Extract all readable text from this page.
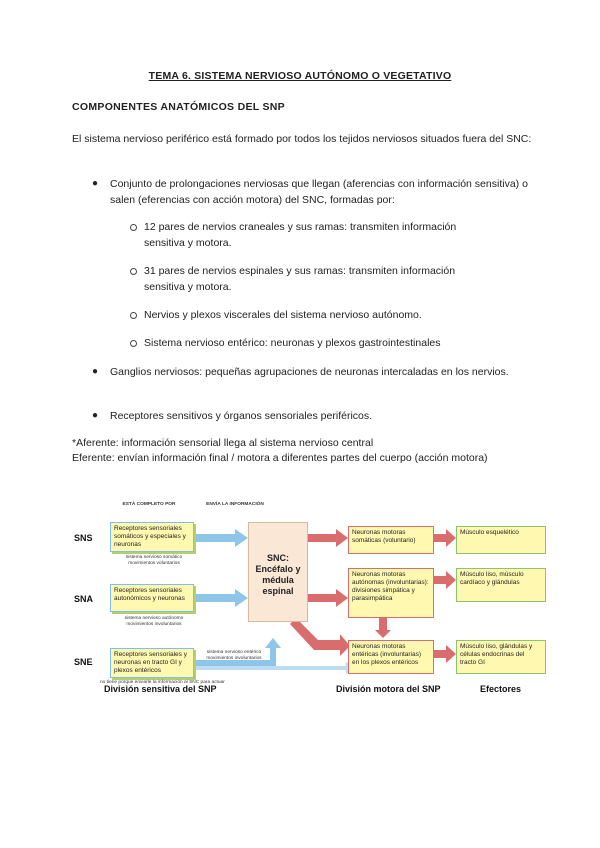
TEMA 6. SISTEMA NERVIOSO AUTÓNOMO O VEGETATIVO
COMPONENTES ANATÓMICOS DEL SNP
El sistema nervioso periférico está formado por todos los tejidos nerviosos situados fuera del SNC:
● Conjunto de prolongaciones nerviosas que llegan (aferencias con información sensitiva) o salen (eferencias con acción motora) del SNC, formadas por:
12 pares de nervios craneales y sus ramas: transmiten información sensitiva y motora.
31 pares de nervios espinales y sus ramas: transmiten información sensitiva y motora.
Nervios y plexos viscerales del sistema nervioso autónomo.
Sistema nervioso entérico: neuronas y plexos gastrointestinales
● Ganglios nerviosos: pequeñas agrupaciones de neuronas intercaladas en los nervios.
● Receptores sensitivos y órganos sensoriales periféricos.
*Aferente: información sensorial llega al sistema nervioso central
Eferente: envían información final / motora a diferentes partes del cuerpo (acción motora)
ESTÁ COMPLETO POR	ENVÍA LA INFORMACIÓN
SNS
SNA
SNE
Receptores sensoriales somáticos y especiales y neuronas
sistema nervioso somático movimientos voluntarios
Receptores sensoriales autonómicos y neuronas
sistema nervioso autónomo movimientos involuntarios
Receptores sensoriales y neuronas en tracto GI y plexos entéricos
sistema nervioso entérico movimientos involuntarios
SNC: Encéfalo y médula espinal
Neuronas motoras somáticas (voluntario)
Neuronas motoras autónomas (involuntarias): divisiones simpática y parasimpática
Neuronas motoras entéricas (involuntarias) en los plexos entéricos
Músculo esquelético
Músculo liso, músculo cardíaco y glándulas
Músculo liso, glándulas y células endocrinas del tracto GI
División sensitiva del SNP	División motora del SNP	Efectores
no tiene porque enviarle la información al SNC para actuar
